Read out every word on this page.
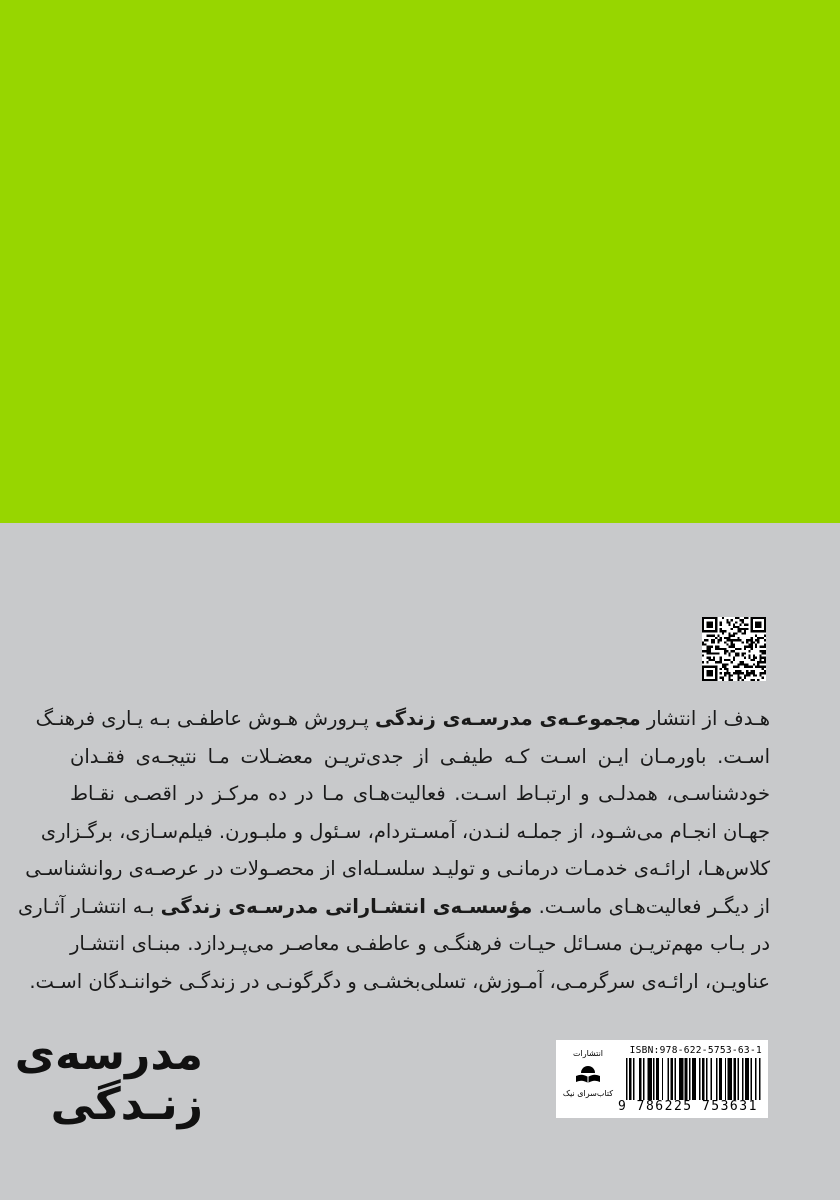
هـدف از انتشار مجموعـه‌ی مدرسـه‌ی زندگی پـرورش هـوش عاطفـی بـه یـاری فرهنـگ
اسـت. باورمـان ایـن اسـت کـه طیفـی از جدی‌تریـن معضـلات مـا نتیجـه‌ی فقـدان
خودشناسـی، همدلـی و ارتبـاط اسـت. فعالیت‌هـای مـا در ده مرکـز در اقصـی نقـاط
جهـان انجـام می‌شـود، از جملـه لنـدن، آمسـتردام، سـئول و ملبـورن. فیلم‌سـازی، برگـزاری
کلاس‌هـا، ارائـه‌ی خدمـات درمانـی و تولیـد سلسـله‌ای از محصـولات در عرصـه‌ی روانشناسـی
از دیگـر فعالیت‌هـای ماسـت. مؤسسـه‌ی انتشـاراتی مدرسـه‌ی زندگی بـه انتشـار آثـاری
در بـاب مهم‌تریـن مسـائل حیـات فرهنگـی و عاطفـی معاصـر می‌پـردازد. مبنـای انتشـار
عناویـن، ارائـه‌ی سرگرمـی، آمـوزش، تسلی‌بخشـی و دگرگونـی در زندگـی خواننـدگان اسـت.
مدرسه‌ی
زنـدگی
انتشارات
کتاب‌سرای نیک
ISBN:978-622-5753-63-1
9 786225 753631
